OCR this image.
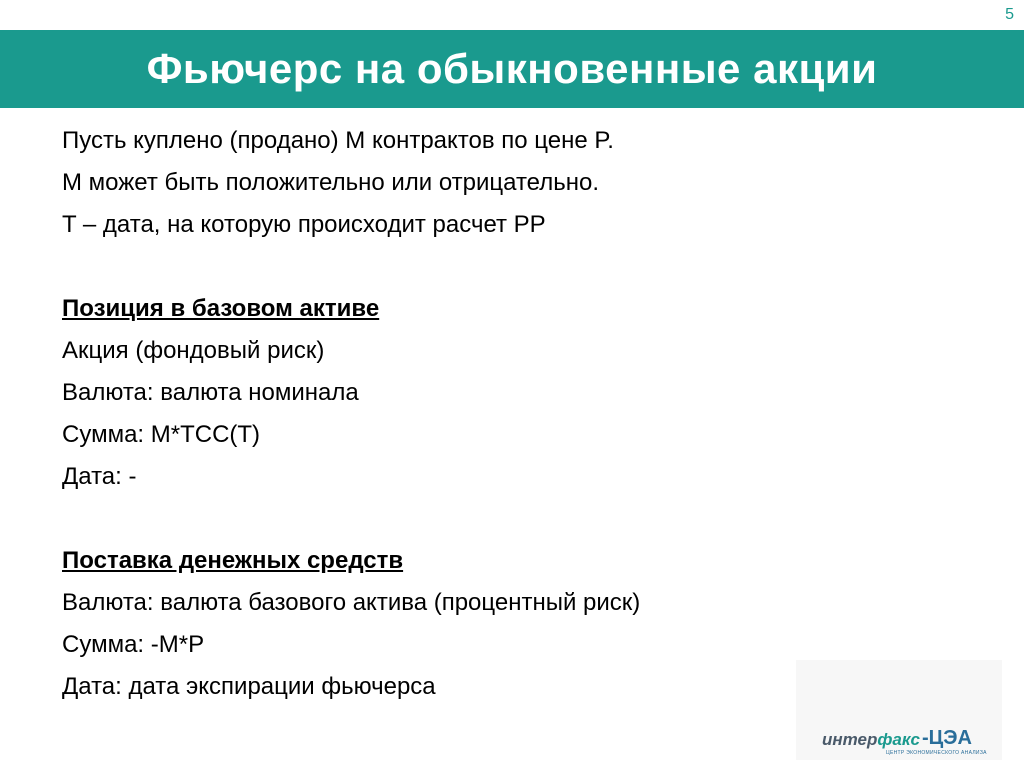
5
Фьючерс на обыкновенные акции
Пусть куплено (продано) М контрактов по цене P.
M может быть положительно или отрицательно.
T – дата, на которую происходит расчет PP
Позиция в базовом активе
Акция (фондовый риск)
Валюта: валюта номинала
Сумма: M*TCC(T)
Дата: -
Поставка денежных средств
Валюта: валюта базового актива (процентный риск)
Сумма: -M*P
Дата: дата экспирации фьючерса
интер факс -ЦЭА
ЦЕНТР ЭКОНОМИЧЕСКОГО АНАЛИЗА
